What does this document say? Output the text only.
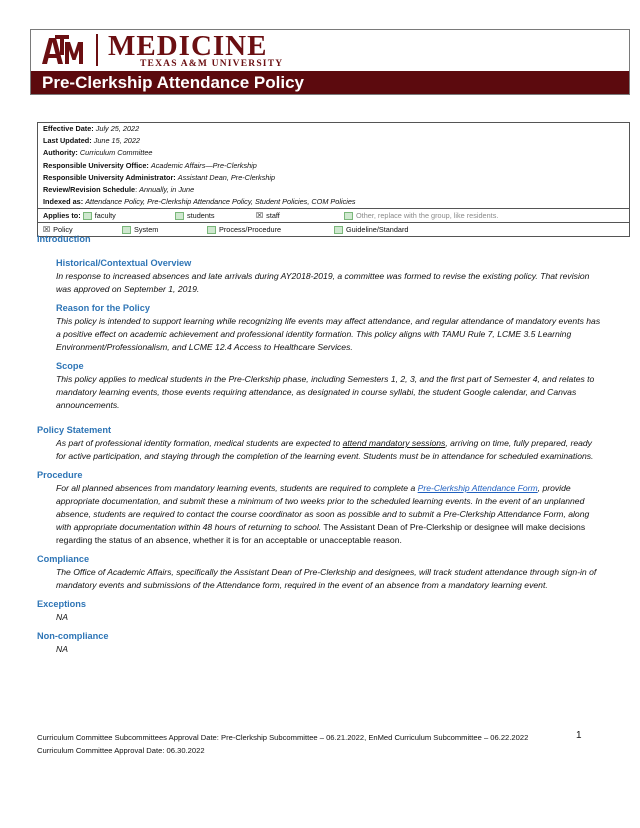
MEDICINE
TEXAS A&M UNIVERSITY
Pre-Clerkship Attendance Policy
Effective Date: July 25, 2022
Last Updated: June 15, 2022
Authority: Curriculum Committee
Responsible University Office: Academic Affairs—Pre-Clerkship
Responsible University Administrator: Assistant Dean, Pre-Clerkship
Review/Revision Schedule: Annually, in June
Indexed as: Attendance Policy, Pre-Clerkship Attendance Policy, Student Policies, COM Policies
Applies to:
faculty	students	☒ staff	Other, replace with the group, like residents.
☒ Policy	System	Process/Procedure	Guideline/Standard

Introduction

Historical/Contextual Overview

In response to increased absences and late arrivals during AY2018-2019, a committee was formed to revise the existing policy. That revision was approved on September 1, 2019.

Reason for the Policy

This policy is intended to support learning while recognizing life events may affect attendance, and regular attendance of mandatory events has a positive effect on academic achievement and professional identity formation. This policy aligns with TAMU Rule 7, LCME 3.5 Learning Environment/Professionalism, and LCME 12.4 Access to Healthcare Services.

Scope

This policy applies to medical students in the Pre-Clerkship phase, including Semesters 1, 2, 3, and the first part of Semester 4, and relates to mandatory learning events, those events requiring attendance, as designated in course syllabi, the student Google calendar, and Canvas announcements.

Policy Statement

As part of professional identity formation, medical students are expected to attend mandatory sessions, arriving on time, fully prepared, ready for active participation, and staying through the completion of the learning event. Students must be in attendance for scheduled examinations.

Procedure

For all planned absences from mandatory learning events, students are required to complete a Pre-Clerkship Attendance Form, provide appropriate documentation, and submit these a minimum of two weeks prior to the scheduled learning events. In the event of an unplanned absence, students are required to contact the course coordinator as soon as possible and to submit a Pre-Clerkship Attendance Form, along with appropriate documentation within 48 hours of returning to school. The Assistant Dean of Pre-Clerkship or designee will make decisions regarding the status of an absence, whether it is for an acceptable or unacceptable reason.

Compliance

The Office of Academic Affairs, specifically the Assistant Dean of Pre-Clerkship and designees, will track student attendance through sign-in of mandatory events and submissions of the Attendance form, required in the event of an absence from a mandatory learning event.

Exceptions

NA

Non-compliance

NA

Curriculum Committee Subcommittees Approval Date: Pre-Clerkship Subcommittee – 06.21.2022, EnMed Curriculum Subcommittee – 06.22.2022
Curriculum Committee Approval Date: 06.30.2022
1
